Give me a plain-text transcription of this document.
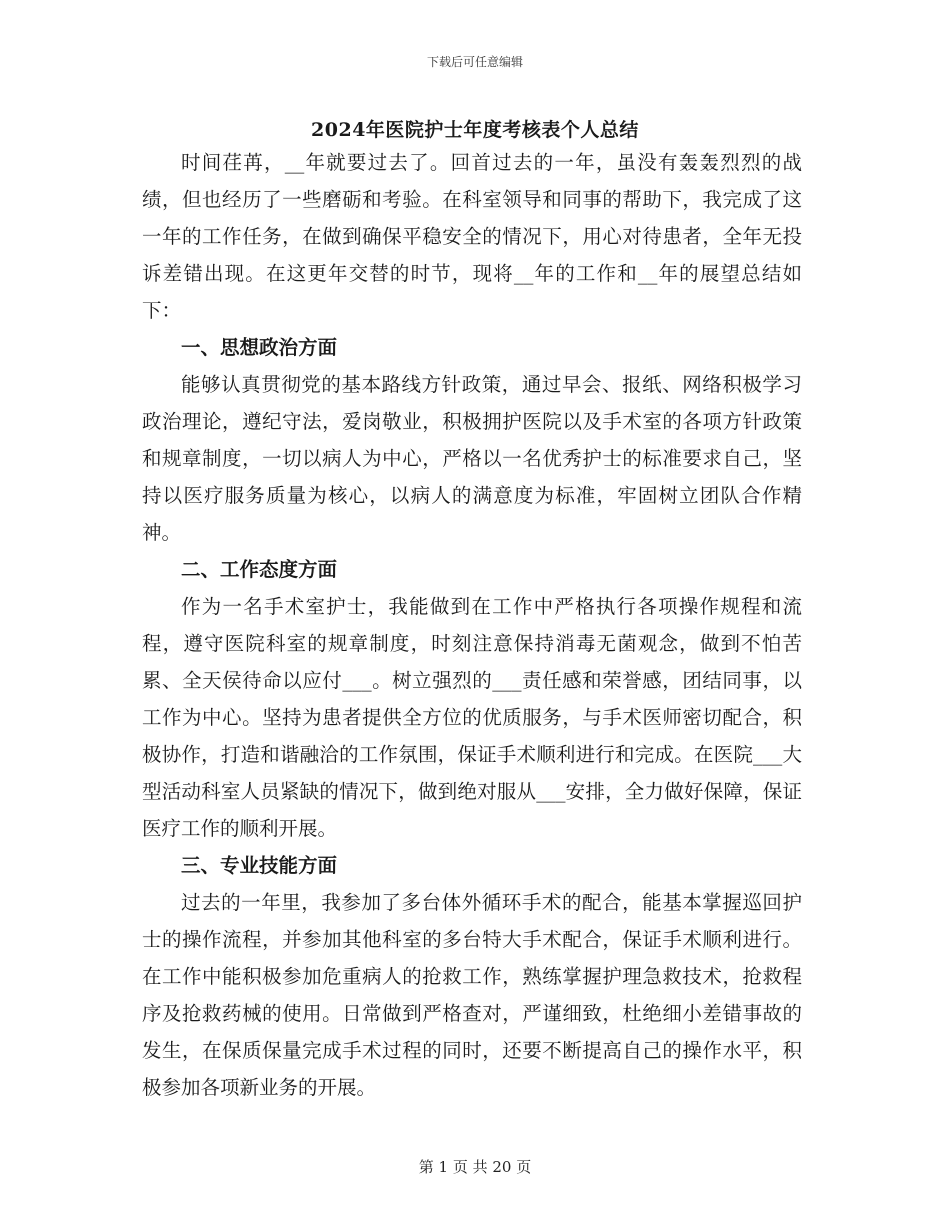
下载后可任意编辑
2024年医院护士年度考核表个人总结

时间荏苒，__年就要过去了。回首过去的一年，虽没有轰轰烈烈的战绩，但也经历了一些磨砺和考验。在科室领导和同事的帮助下，我完成了这一年的工作任务，在做到确保平稳安全的情况下，用心对待患者，全年无投诉差错出现。在这更年交替的时节，现将__年的工作和__年的展望总结如下：

一、思想政治方面

能够认真贯彻党的基本路线方针政策，通过早会、报纸、网络积极学习政治理论，遵纪守法，爱岗敬业，积极拥护医院以及手术室的各项方针政策和规章制度，一切以病人为中心，严格以一名优秀护士的标准要求自己，坚持以医疗服务质量为核心，以病人的满意度为标准，牢固树立团队合作精神。

二、工作态度方面

作为一名手术室护士，我能做到在工作中严格执行各项操作规程和流程，遵守医院科室的规章制度，时刻注意保持消毒无菌观念，做到不怕苦累、全天侯待命以应付___。树立强烈的___责任感和荣誉感，团结同事，以工作为中心。坚持为患者提供全方位的优质服务，与手术医师密切配合，积极协作，打造和谐融洽的工作氛围，保证手术顺利进行和完成。在医院___大型活动科室人员紧缺的情况下，做到绝对服从___安排，全力做好保障，保证医疗工作的顺利开展。

三、专业技能方面

过去的一年里，我参加了多台体外循环手术的配合，能基本掌握巡回护士的操作流程，并参加其他科室的多台特大手术配合，保证手术顺利进行。在工作中能积极参加危重病人的抢救工作，熟练掌握护理急救技术，抢救程序及抢救药械的使用。日常做到严格查对，严谨细致，杜绝细小差错事故的发生，在保质保量完成手术过程的同时，还要不断提高自己的操作水平，积极参加各项新业务的开展。

第 1 页 共 20 页
